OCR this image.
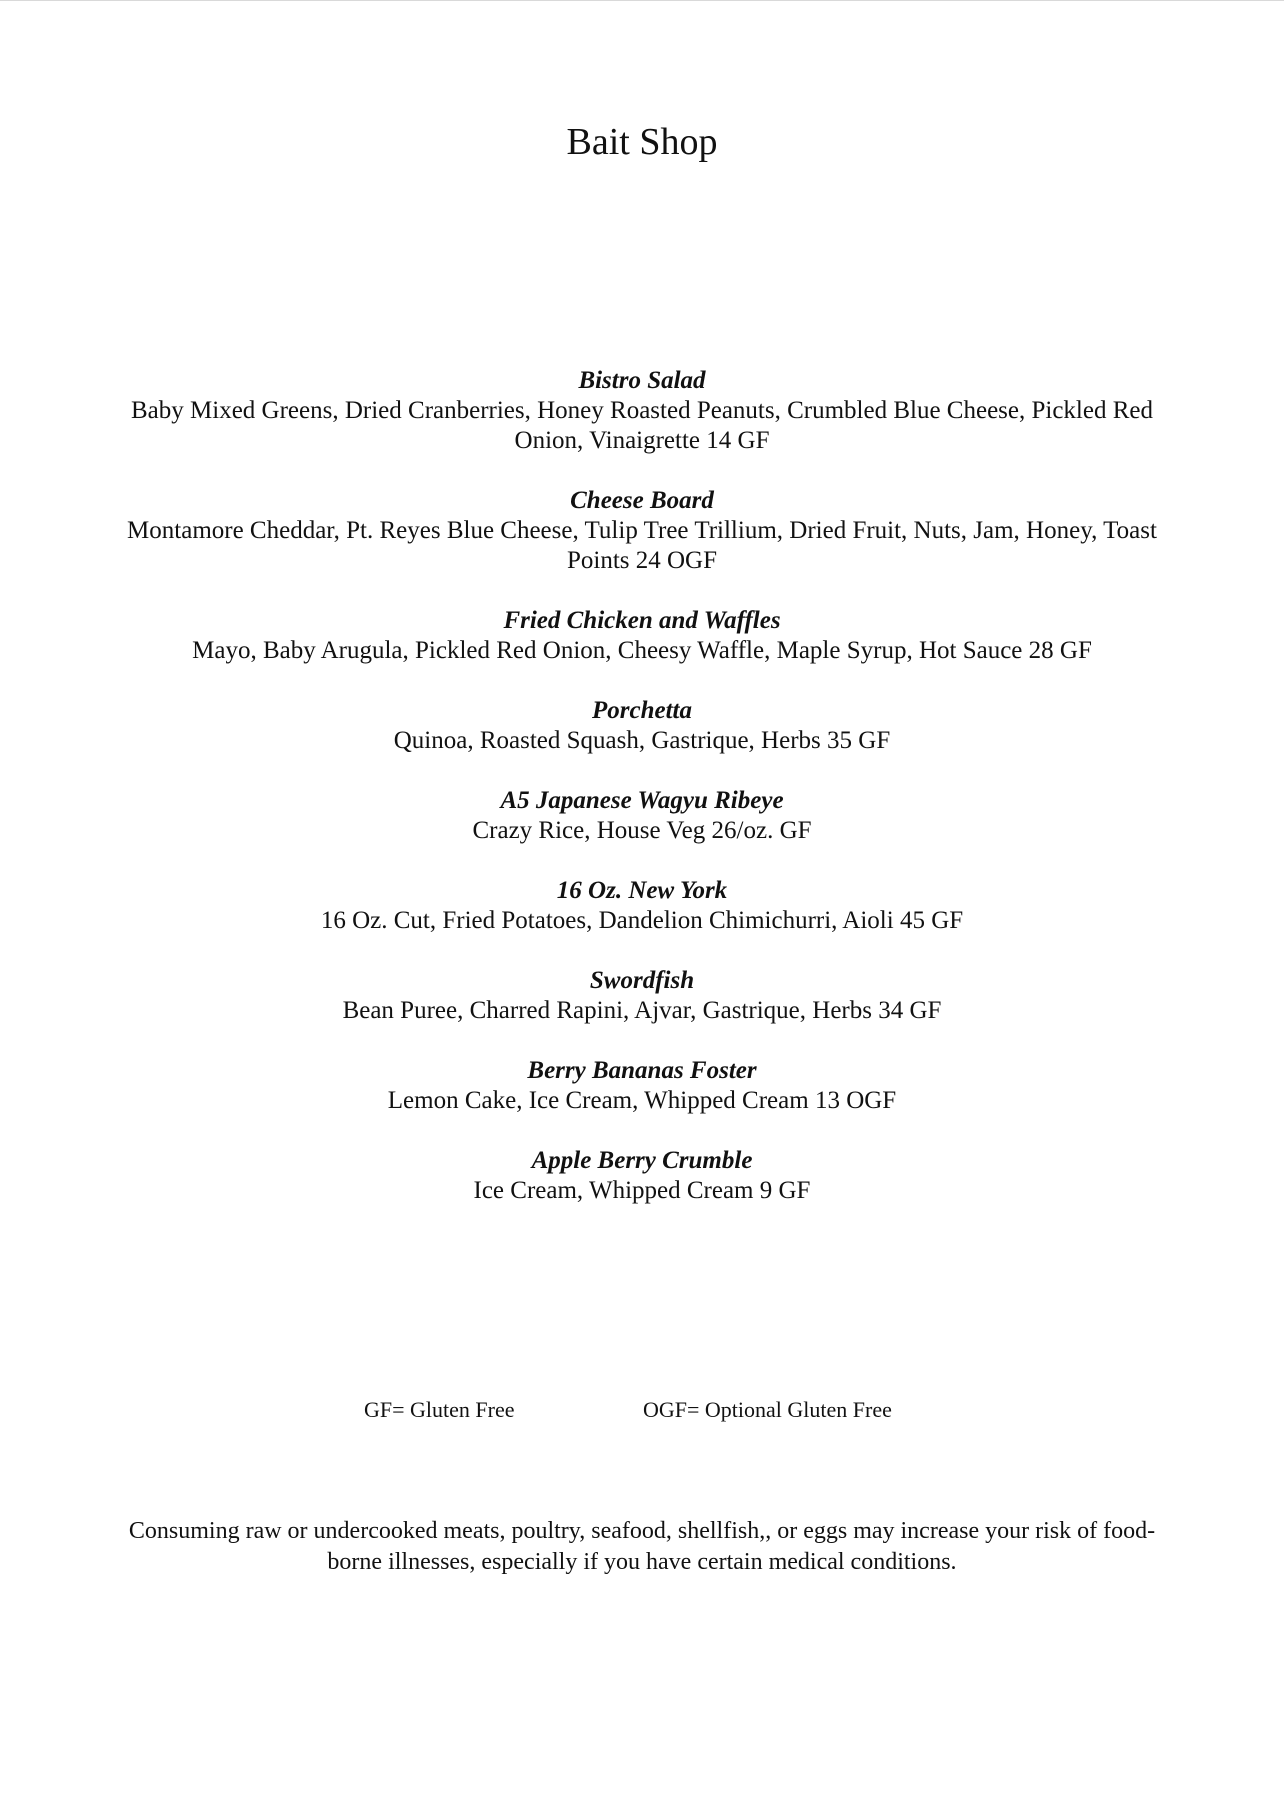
Bait Shop
Bistro Salad
Baby Mixed Greens, Dried Cranberries, Honey Roasted Peanuts, Crumbled Blue Cheese, Pickled Red Onion, Vinaigrette 14 GF
Cheese Board
Montamore Cheddar, Pt. Reyes Blue Cheese, Tulip Tree Trillium, Dried Fruit, Nuts, Jam, Honey, Toast Points 24 OGF
Fried Chicken and Waffles
Mayo, Baby Arugula, Pickled Red Onion, Cheesy Waffle, Maple Syrup, Hot Sauce 28 GF
Porchetta
Quinoa, Roasted Squash, Gastrique, Herbs 35 GF
A5 Japanese Wagyu Ribeye
Crazy Rice, House Veg 26/oz. GF
16 Oz. New York
16 Oz. Cut, Fried Potatoes, Dandelion Chimichurri, Aioli 45 GF
Swordfish
Bean Puree, Charred Rapini, Ajvar, Gastrique, Herbs 34 GF
Berry Bananas Foster
Lemon Cake, Ice Cream, Whipped Cream 13 OGF
Apple Berry Crumble
Ice Cream, Whipped Cream 9 GF
GF= Gluten Free	OGF= Optional Gluten Free
Consuming raw or undercooked meats, poultry, seafood, shellfish,, or eggs may increase your risk of food-borne illnesses, especially if you have certain medical conditions.
